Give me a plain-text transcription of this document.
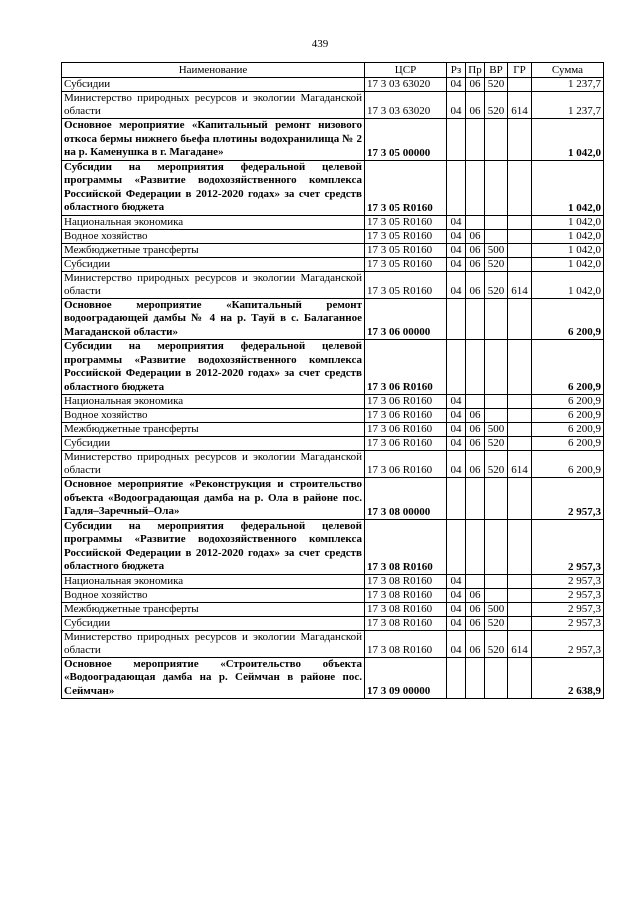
439
Наименование	ЦСР	Рз	Пр	ВР	ГР	Сумма
Субсидии	17 3 03 63020	04	06	520		1 237,7
Министерство природных ресурсов и экологии Магаданской области	17 3 03 63020	04	06	520	614	1 237,7
Основное мероприятие «Капитальный ремонт низового откоса бермы нижнего бьефа плотины водохранилища № 2 на р. Каменушка в г. Магадане»	17 3 05 00000					1 042,0
Субсидии на мероприятия федеральной целевой программы «Развитие водохозяйственного комплекса Российской Федерации в 2012-2020 годах» за счет средств областного бюджета	17 3 05 R0160					1 042,0
Национальная экономика	17 3 05 R0160	04				1 042,0
Водное хозяйство	17 3 05 R0160	04	06			1 042,0
Межбюджетные трансферты	17 3 05 R0160	04	06	500		1 042,0
Субсидии	17 3 05 R0160	04	06	520		1 042,0
Министерство природных ресурсов и экологии Магаданской области	17 3 05 R0160	04	06	520	614	1 042,0
Основное мероприятие «Капитальный ремонт водооградающей дамбы № 4 на р. Тауй в с. Балаганное Магаданской области»	17 3 06 00000					6 200,9
Субсидии на мероприятия федеральной целевой программы «Развитие водохозяйственного комплекса Российской Федерации в 2012-2020 годах» за счет средств областного бюджета	17 3 06 R0160					6 200,9
Национальная экономика	17 3 06 R0160	04				6 200,9
Водное хозяйство	17 3 06 R0160	04	06			6 200,9
Межбюджетные трансферты	17 3 06 R0160	04	06	500		6 200,9
Субсидии	17 3 06 R0160	04	06	520		6 200,9
Министерство природных ресурсов и экологии Магаданской области	17 3 06 R0160	04	06	520	614	6 200,9
Основное мероприятие «Реконструкция и строительство объекта «Водооградающая дамба на р. Ола в районе пос. Гадля–Заречный–Ола»	17 3 08 00000					2 957,3
Субсидии на мероприятия федеральной целевой программы «Развитие водохозяйственного комплекса Российской Федерации в 2012-2020 годах» за счет средств областного бюджета	17 3 08 R0160					2 957,3
Национальная экономика	17 3 08 R0160	04				2 957,3
Водное хозяйство	17 3 08 R0160	04	06			2 957,3
Межбюджетные трансферты	17 3 08 R0160	04	06	500		2 957,3
Субсидии	17 3 08 R0160	04	06	520		2 957,3
Министерство природных ресурсов и экологии Магаданской области	17 3 08 R0160	04	06	520	614	2 957,3
Основное мероприятие «Строительство объекта «Водооградающая дамба на р. Сеймчан в районе пос. Сеймчан»	17 3 09 00000					2 638,9
